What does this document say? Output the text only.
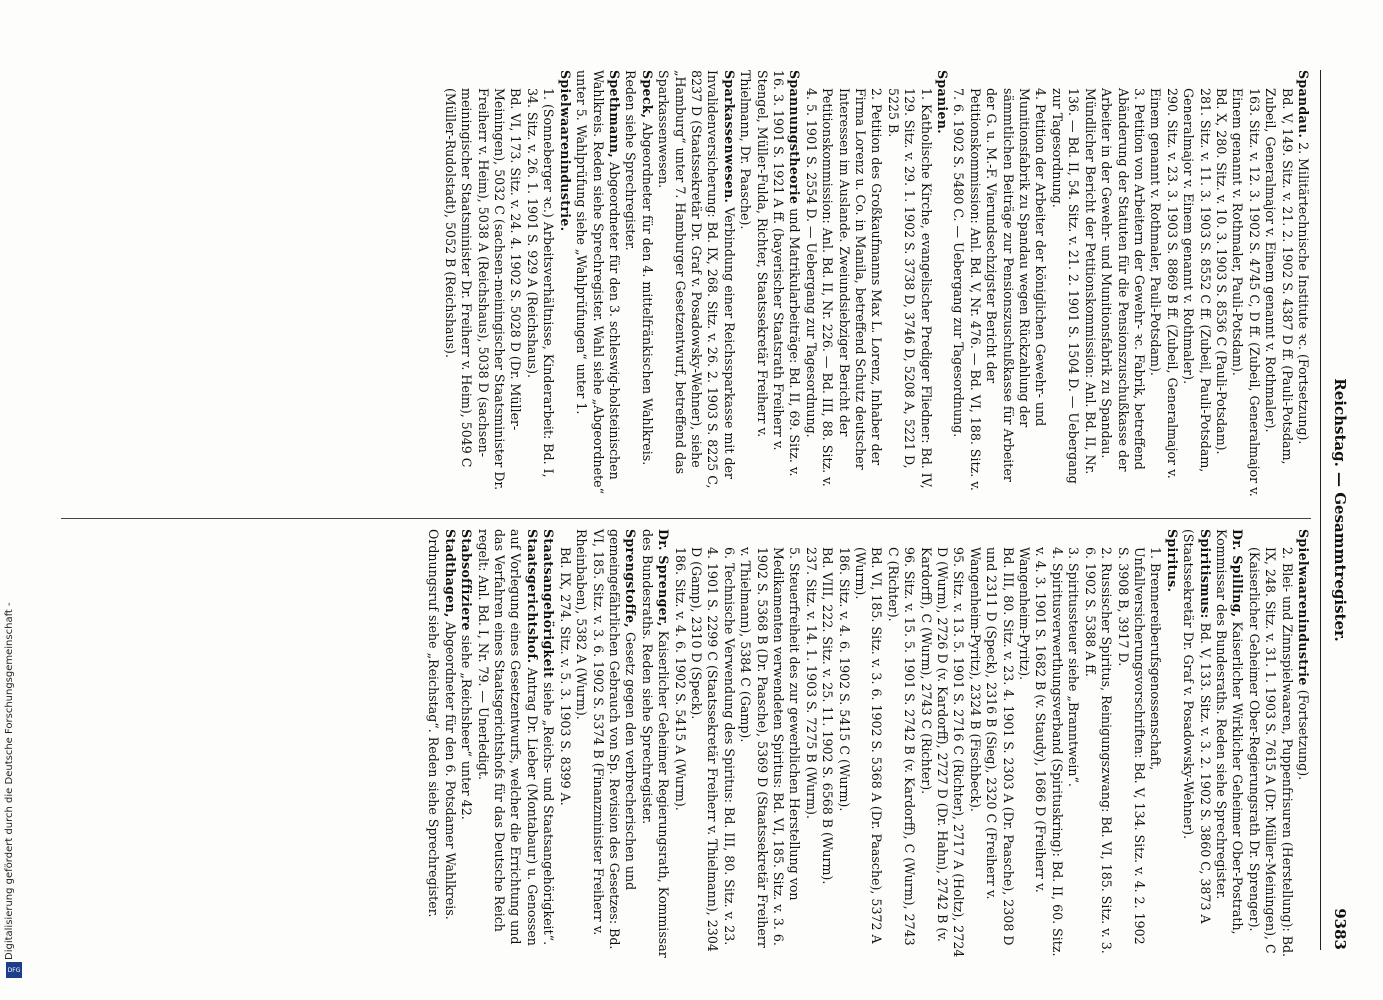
Reichstag. — Gesammtregister.
9383
Spandau. 2. Militärtechnische Institute ꝛc. (Fortsetzung).
Bd. V, 149. Sitz. v. 21. 2. 1902 S. 4387 D ff. (Pauli-Potsdam, Zubeil, Generalmajor v. Einem genannt v. Rothmaler).
163. Sitz. v. 12. 3. 1902 S. 4745 C, D ff. (Zubeil, Generalmajor v. Einem genannt v. Rothmaler, Pauli-Potsdam).
Bd. X, 280. Sitz. v. 10. 3. 1903 S. 8536 C (Pauli-Potsdam).
281. Sitz. v. 11. 3. 1903 S. 8552 C ff. (Zubeil, Pauli-Potsdam, Generalmajor v. Einem genannt v. Rothmaler).
290. Sitz. v. 23. 3. 1903 S. 8869 B ff. (Zubeil, Generalmajor v. Einem genannt v. Rothmaler, Pauli-Potsdam).
3. Petition von Arbeitern der Gewehr- ꝛc. Fabrik, betreffend Abänderung der Statuten für die Pensionszuschußkasse der Arbeiter in der Gewehr- und Munitionsfabrik zu Spandau. Mündlicher Bericht der Petitionskommission: Anl. Bd. II, Nr. 136. — Bd. II, 54. Sitz. v. 21. 2. 1901 S. 1504 D. — Uebergang zur Tagesordnung.
4. Petition der Arbeiter der königlichen Gewehr- und Munitionsfabrik zu Spandau wegen Rückzahlung der sämmtlichen Beiträge zur Pensionszuschußkasse für Arbeiter der G. u. M.-F. Vierundsechzigster Bericht der Petitionskommission: Anl. Bd. V, Nr. 476. — Bd. VI, 188. Sitz. v. 7. 6. 1902 S. 5480 C. — Uebergang zur Tagesordnung.
Spanien.
1. Katholische Kirche, evangelischer Prediger Fliedner: Bd. IV, 129. Sitz. v. 29. 1. 1902 S. 3738 D, 3746 D, 5208 A, 5221 D, 5225 B.
2. Petition des Großkaufmanns Max L. Lorenz, Inhaber der Firma Lorenz u. Co. in Manila, betreffend Schutz deutscher Interessen im Auslande. Zweiundsiebziger Bericht der Petitionskommission: Anl. Bd. II, Nr. 226. — Bd. III, 88. Sitz. v. 4. 5. 1901 S. 2554 D. — Uebergang zur Tagesordnung.
Spannungstheorie und Matrikularbeiträge: Bd. II, 69. Sitz. v. 16. 3. 1901 S. 1921 A ff. (bayerischer Staatsrath Freiherr v. Stengel, Müller-Fulda, Richter, Staatssekretär Freiherr v. Thielmann, Dr. Paasche).
Sparkassenwesen. Verbindung einer Reichssparkasse mit der Invalidenversicherung: Bd. IX, 268. Sitz. v. 26. 2. 1903 S. 8225 C, 8237 D (Staatssekretär Dr. Graf v. Posadowsky-Wehner), siehe „Hamburg“ unter 7. Hamburger Gesetzentwurf, betreffend das Sparkassenwesen.
Speck, Abgeordneter für den 4. mittelfränkischen Wahlkreis. Reden siehe Sprechregister.
Spethmann, Abgeordneter für den 3. schleswig-holsteinischen Wahlkreis. Reden siehe Sprechregister. Wahl siehe „Abgeordnete“ unter 5. Wahlprüfung siehe „Wahlprüfungen“ unter 1.
Spielwaarenindustrie.
1. (Sonneberger ꝛc.) Arbeitsverhältnisse, Kinderarbeit: Bd. I, 34. Sitz. v. 26. 1. 1901 S. 929 A (Reichshaus).
Bd. VI, 173. Sitz. v. 24. 4. 1902 S. 5028 D (Dr. Müller-Meiningen), 5032 C (sachsen-meiningischer Staatsminister Dr. Freiherr v. Heim), 5038 A (Reichshaus), 5038 D (sachsen-meiningischer Staatsminister Dr. Freiherr v. Heim), 5049 C (Müller-Rudolstadt), 5052 B (Reichshaus).
Spielwaarenindustrie (Fortsetzung).
2. Blei- und Zinnspielwaaren, Puppenfrisuren (Herstellung): Bd. IX, 248. Sitz. v. 31. 1. 1903 S. 7615 A (Dr. Müller-Meiningen), C (Kaiserlicher Geheimer Ober-Regierungsrath Dr. Sprenger).
Dr. Spilling, Kaiserlicher Wirklicher Geheimer Ober-Postrath, Kommissar des Bundesraths. Reden siehe Sprechregister.
Spiritismus: Bd. V, 133. Sitz. v. 3. 2. 1902 S. 3860 C, 3873 A (Staatssekretär Dr. Graf v. Posadowsky-Wehner).
Spiritus.
1. Brennereiberufsgenossenschaft, Unfallversicherungsvorschriften: Bd. V, 134. Sitz. v. 4. 2. 1902 S. 3908 B, 3917 D.
2. Russischer Spiritus, Reinigungszwang: Bd. VI, 185. Sitz. v. 3. 6. 1902 S. 5388 A ff.
3. Spiritussteuer siehe „Branntwein“.
4. Spiritusverwerthungsverband (Spirituskring): Bd. II, 60. Sitz. v. 4. 3. 1901 S. 1682 B (v. Staudy), 1686 D (Freiherr v. Wangenheim-Pyritz).
Bd. III, 80. Sitz. v. 23. 4. 1901 S. 2303 A (Dr. Paasche), 2308 D und 2311 D (Speck), 2316 B (Sieg), 2320 C (Freiherr v. Wangenheim-Pyritz), 2324 B (Fischbeck).
95. Sitz. v. 13. 5. 1901 S. 2716 C (Richter), 2717 A (Holtz), 2724 D (Wurm), 2726 D (v. Kardorff), 2727 D (Dr. Hahn), 2742 B (v. Kardorff), C (Wurm), 2743 C (Richter).
96. Sitz. v. 15. 5. 1901 S. 2742 B (v. Kardorff), C (Wurm), 2743 C (Richter).
Bd. VI, 185. Sitz. v. 3. 6. 1902 S. 5368 A (Dr. Paasche), 5372 A (Wurm).
186. Sitz. v. 4. 6. 1902 S. 5415 C (Wurm).
Bd. VIII, 222. Sitz. v. 25. 11. 1902 S. 6568 B (Wurm).
237. Sitz. v. 14. 1. 1903 S. 7275 B (Wurm).
5. Steuerfreiheit des zur gewerblichen Herstellung von Medikamenten verwendeten Spiritus: Bd. VI, 185. Sitz. v. 3. 6. 1902 S. 5368 B (Dr. Paasche), 5369 D (Staatssekretär Freiherr v. Thielmann), 5384 C (Gamp).
6. Technische Verwendung des Spiritus: Bd. III, 80. Sitz. v. 23. 4. 1901 S. 2299 C (Staatssekretär Freiherr v. Thielmann), 2304 D (Gamp), 2310 D (Speck).
186. Sitz. v. 4. 6. 1902 S. 5415 A (Wurm).
Dr. Sprenger, Kaiserlicher Geheimer Regierungsrath, Kommissar des Bundesraths. Reden siehe Sprechregister.
Sprengstoffe, Gesetz gegen den verbrecherischen und gemeingefährlichen Gebrauch von Sp. Revision des Gesetzes: Bd. VI, 185. Sitz. v. 3. 6. 1902 S. 5374 B (Finanzminister Freiherr v. Rheinbaben), 5382 A (Wurm).
Bd. IX, 274. Sitz. v. 5. 3. 1903 S. 8399 A.
Staatsangehörigkeit siehe „Reichs- und Staatsangehörigkeit“.
Staatsgerichtshof. Antrag Dr. Lieber (Montabaur) u. Genossen auf Vorlegung eines Gesetzentwurfs, welcher die Errichtung und das Verfahren eines Staatsgerichtshofs für das Deutsche Reich regelt: Anl. Bd. I, Nr. 79. — Unerledigt.
Stabsoffiziere siehe „Reichsheer“ unter 42.
Stadthagen, Abgeordneter für den 6. Potsdamer Wahlkreis. Ordnungsruf siehe „Reichstag“. Reden siehe Sprechregister.
Digitalisierung gefördert durch die Deutsche Forschungsgemeinschaft -
DFG
